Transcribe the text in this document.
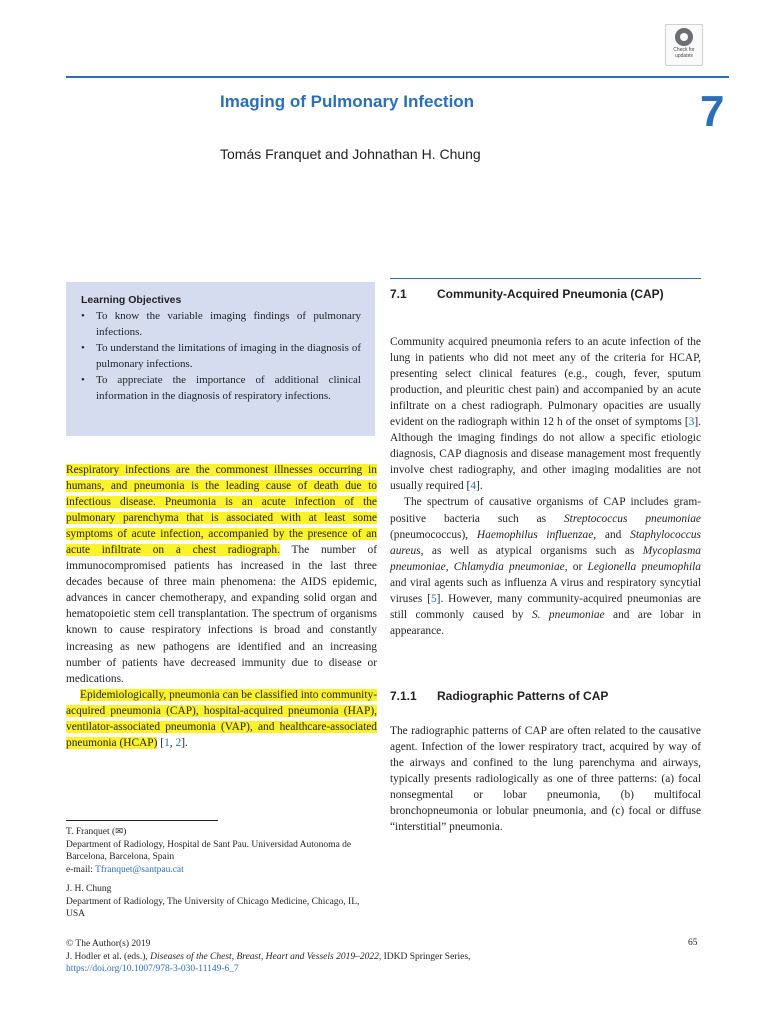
Check for
updates
Imaging of Pulmonary Infection	7
Tomás Franquet and Johnathan H. Chung
Learning Objectives
• To know the variable imaging findings of pulmonary infections.
• To understand the limitations of imaging in the diagnosis of pulmonary infections.
• To appreciate the importance of additional clinical information in the diagnosis of respiratory infections.

Respiratory infections are the commonest illnesses occurring in humans, and pneumonia is the leading cause of death due to infectious disease. Pneumonia is an acute infection of the pulmonary parenchyma that is associated with at least some symptoms of acute infection, accompanied by the presence of an acute infiltrate on a chest radiograph. The number of immunocompromised patients has increased in the last three decades because of three main phenomena: the AIDS epidemic, advances in cancer chemotherapy, and expanding solid organ and hematopoietic stem cell transplantation. The spectrum of organisms known to cause respiratory infections is broad and constantly increasing as new pathogens are identified and an increasing number of patients have decreased immunity due to disease or medications.

Epidemiologically, pneumonia can be classified into community-acquired pneumonia (CAP), hospital-acquired pneumonia (HAP), ventilator-associated pneumonia (VAP), and healthcare-associated pneumonia (HCAP) [1, 2].

7.1	Community-Acquired Pneumonia (CAP)

Community acquired pneumonia refers to an acute infection of the lung in patients who did not meet any of the criteria for HCAP, presenting select clinical features (e.g., cough, fever, sputum production, and pleuritic chest pain) and accompanied by an acute infiltrate on a chest radiograph. Pulmonary opacities are usually evident on the radiograph within 12 h of the onset of symptoms [3]. Although the imaging findings do not allow a specific etiologic diagnosis, CAP diagnosis and disease management most frequently involve chest radiography, and other imaging modalities are not usually required [4].

The spectrum of causative organisms of CAP includes gram-positive bacteria such as Streptococcus pneumoniae (pneumococcus), Haemophilus influenzae, and Staphylococcus aureus, as well as atypical organisms such as Mycoplasma pneumoniae, Chlamydia pneumoniae, or Legionella pneumophila and viral agents such as influenza A virus and respiratory syncytial viruses [5]. However, many community-acquired pneumonias are still commonly caused by S. pneumoniae and are lobar in appearance.

7.1.1 Radiographic Patterns of CAP

The radiographic patterns of CAP are often related to the causative agent. Infection of the lower respiratory tract, acquired by way of the airways and confined to the lung parenchyma and airways, typically presents radiologically as one of three patterns: (a) focal nonsegmental or lobar pneumonia, (b) multifocal bronchopneumonia or lobular pneumonia, and (c) focal or diffuse “interstitial” pneumonia.

T. Franquet (✉)
Department of Radiology, Hospital de Sant Pau. Universidad Autonoma de Barcelona, Barcelona, Spain
e-mail: Tfranquet@santpau.cat

J. H. Chung
Department of Radiology, The University of Chicago Medicine, Chicago, IL, USA

© The Author(s) 2019

J. Hodler et al. (eds.), Diseases of the Chest, Breast, Heart and Vessels 2019–2022, IDKD Springer Series,

https://doi.org/10.1007/978-3-030-11149-6_7

65
